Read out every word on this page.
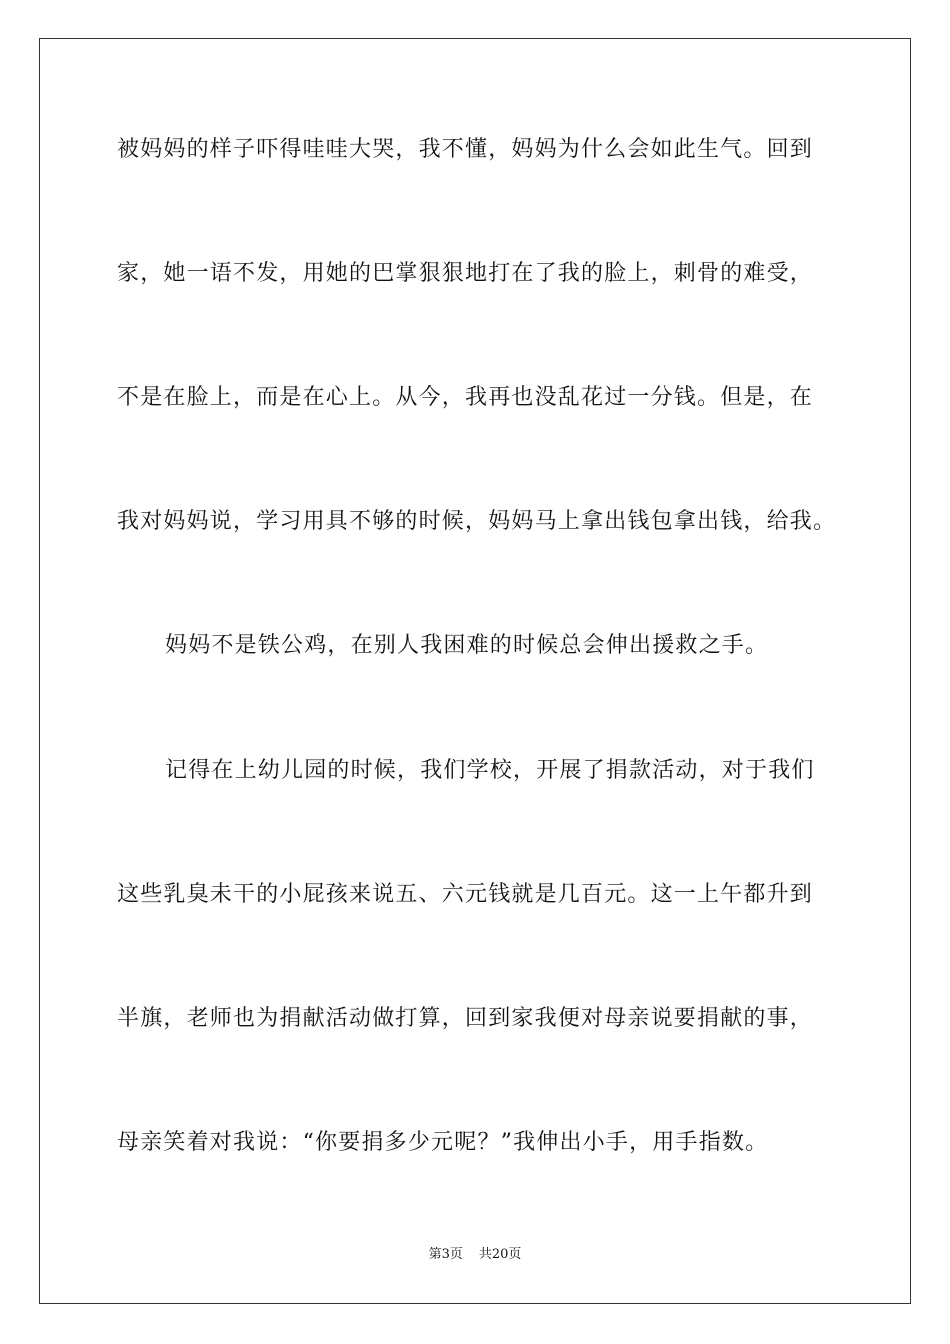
被妈妈的样子吓得哇哇大哭，我不懂，妈妈为什么会如此生气。回到
家，她一语不发，用她的巴掌狠狠地打在了我的脸上，刺骨的难受，
不是在脸上，而是在心上。从今，我再也没乱花过一分钱。但是，在
我对妈妈说，学习用具不够的时候，妈妈马上拿出钱包拿出钱，给我。
妈妈不是铁公鸡，在别人我困难的时候总会伸出援救之手。
记得在上幼儿园的时候，我们学校，开展了捐款活动，对于我们
这些乳臭未干的小屁孩来说五、六元钱就是几百元。这一上午都升到
半旗，老师也为捐献活动做打算，回到家我便对母亲说要捐献的事，
母亲笑着对我说：“你要捐多少元呢？”我伸出小手，用手指数。
第3页 共20页
